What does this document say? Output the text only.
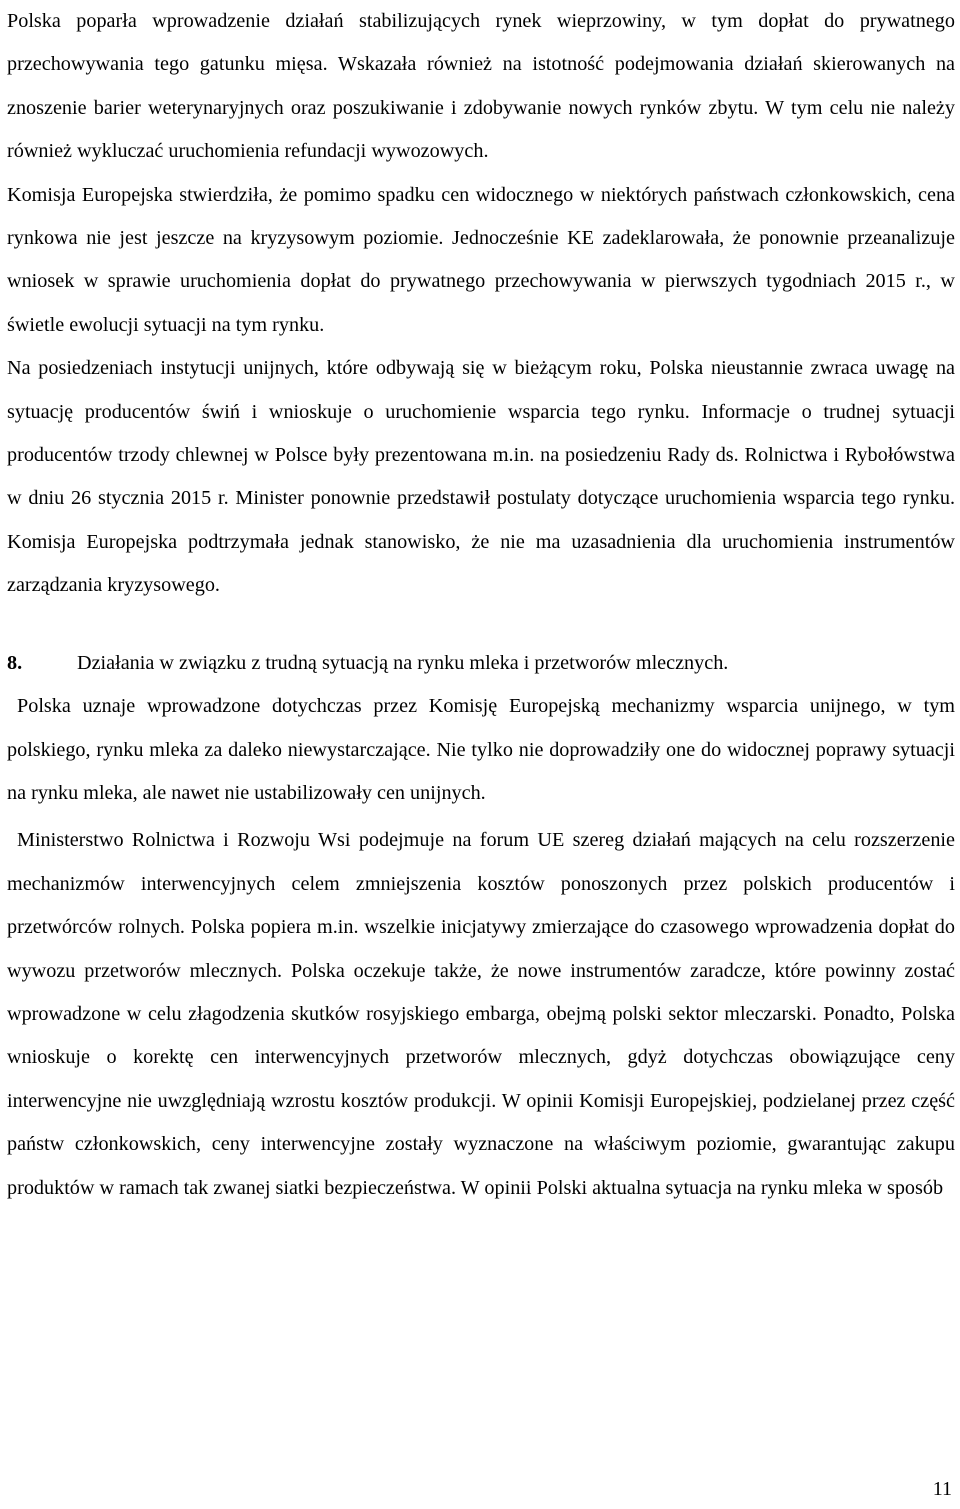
Polska poparła wprowadzenie działań stabilizujących rynek wieprzowiny, w tym dopłat do prywatnego przechowywania tego gatunku mięsa. Wskazała również na istotność podejmowania działań skierowanych na znoszenie barier weterynaryjnych oraz poszukiwanie i zdobywanie nowych rynków zbytu. W tym celu nie należy również wykluczać uruchomienia refundacji wywozowych.

Komisja Europejska stwierdziła, że pomimo spadku cen widocznego w niektórych państwach członkowskich, cena rynkowa nie jest jeszcze na kryzysowym poziomie. Jednocześnie KE zadeklarowała, że ponownie przeanalizuje wniosek w sprawie uruchomienia dopłat do prywatnego przechowywania w pierwszych tygodniach 2015 r., w świetle ewolucji sytuacji na tym rynku.

Na posiedzeniach instytucji unijnych, które odbywają się w bieżącym roku, Polska nieustannie zwraca uwagę na sytuację producentów świń i wnioskuje o uruchomienie wsparcia tego rynku. Informacje o trudnej sytuacji producentów trzody chlewnej w Polsce były prezentowana m.in. na posiedzeniu Rady ds. Rolnictwa i Rybołówstwa w dniu 26 stycznia 2015 r. Minister ponownie przedstawił postulaty dotyczące uruchomienia wsparcia tego rynku. Komisja Europejska podtrzymała jednak stanowisko, że nie ma uzasadnienia dla uruchomienia instrumentów zarządzania kryzysowego.

8.	Działania w związku z trudną sytuacją na rynku mleka i przetworów mlecznych.

Polska uznaje wprowadzone dotychczas przez Komisję Europejską mechanizmy wsparcia unijnego, w tym polskiego, rynku mleka za daleko niewystarczające. Nie tylko nie doprowadziły one do widocznej poprawy sytuacji na rynku mleka, ale nawet nie ustabilizowały cen unijnych.

Ministerstwo Rolnictwa i Rozwoju Wsi podejmuje na forum UE szereg działań mających na celu rozszerzenie mechanizmów interwencyjnych celem zmniejszenia kosztów ponoszonych przez polskich producentów i przetwórców rolnych. Polska popiera m.in. wszelkie inicjatywy zmierzające do czasowego wprowadzenia dopłat do wywozu przetworów mlecznych. Polska oczekuje także, że nowe instrumentów zaradcze, które powinny zostać wprowadzone w celu złagodzenia skutków rosyjskiego embarga, obejmą polski sektor mleczarski. Ponadto, Polska wnioskuje o korektę cen interwencyjnych przetworów mlecznych, gdyż dotychczas obowiązujące ceny interwencyjne nie uwzględniają wzrostu kosztów produkcji. W opinii Komisji Europejskiej, podzielanej przez część państw członkowskich, ceny interwencyjne zostały wyznaczone na właściwym poziomie, gwarantując zakupu produktów w ramach tak zwanej siatki bezpieczeństwa. W opinii Polski aktualna sytuacja na rynku mleka w sposób

11
